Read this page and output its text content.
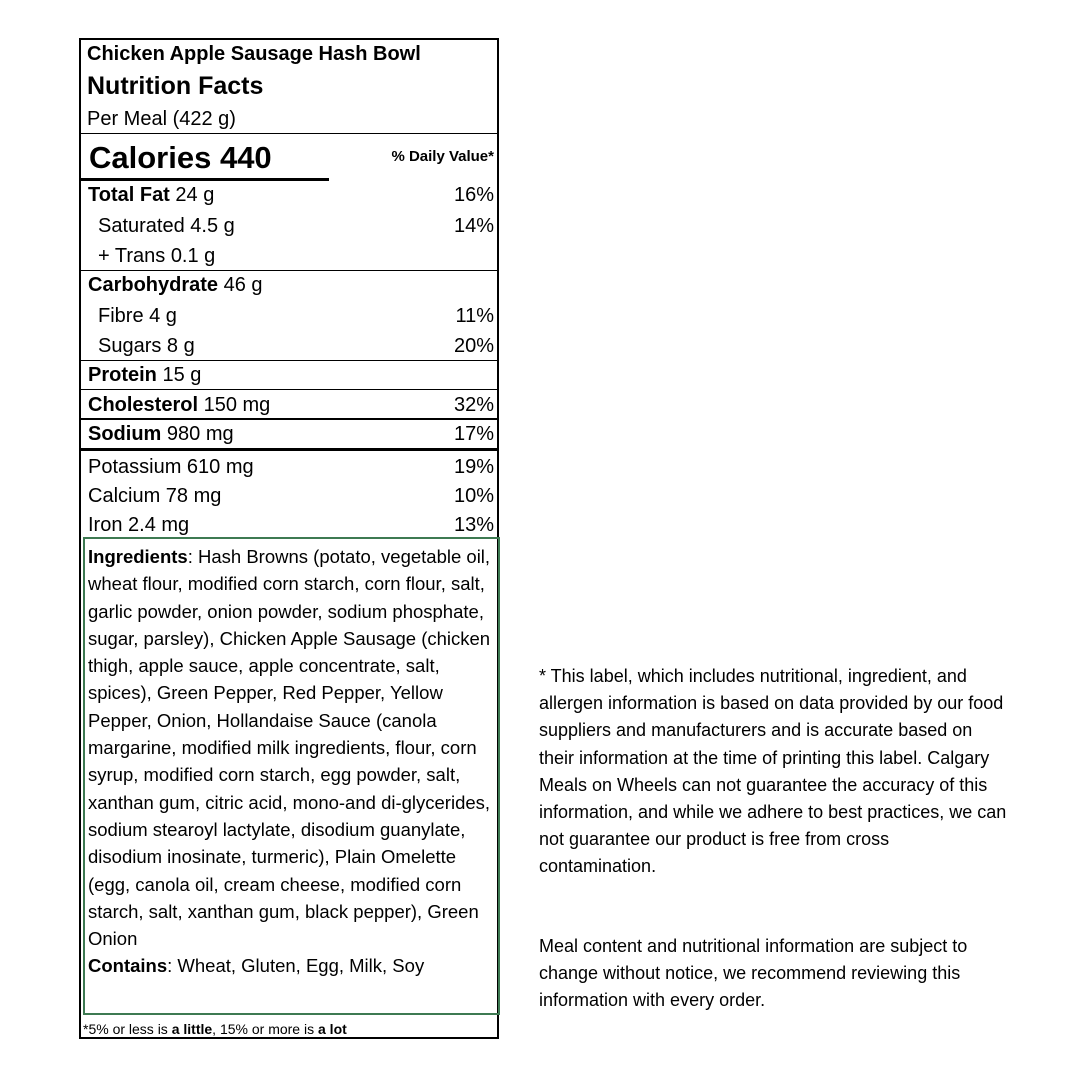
Chicken Apple Sausage Hash Bowl
Nutrition Facts
Per Meal (422 g)
Calories 440	% Daily Value*
Total Fat 24 g	16%
Saturated 4.5 g	14%
+ Trans 0.1 g
Carbohydrate 46 g
Fibre 4 g	11%
Sugars 8 g	20%
Protein 15 g
Cholesterol 150 mg	32%
Sodium 980 mg	17%
Potassium 610 mg	19%
Calcium 78 mg	10%
Iron 2.4 mg	13%
Ingredients: Hash Browns (potato, vegetable oil, wheat flour, modified corn starch, corn flour, salt, garlic powder, onion powder, sodium phosphate, sugar, parsley), Chicken Apple Sausage (chicken thigh, apple sauce, apple concentrate, salt, spices), Green Pepper, Red Pepper, Yellow Pepper, Onion, Hollandaise Sauce (canola margarine, modified milk ingredients, flour, corn syrup, modified corn starch, egg powder, salt, xanthan gum, citric acid, mono-and di-glycerides, sodium stearoyl lactylate, disodium guanylate, disodium inosinate, turmeric), Plain Omelette (egg, canola oil, cream cheese, modified corn starch, salt, xanthan gum, black pepper), Green Onion
Contains: Wheat, Gluten, Egg, Milk, Soy
*5% or less is a little, 15% or more is a lot
* This label, which includes nutritional, ingredient, and allergen information is based on data provided by our food suppliers and manufacturers and is accurate based on their information at the time of printing this label. Calgary Meals on Wheels can not guarantee the accuracy of this information, and while we adhere to best practices, we can not guarantee our product is free from cross contamination.
Meal content and nutritional information are subject to change without notice, we recommend reviewing this information with every order.
